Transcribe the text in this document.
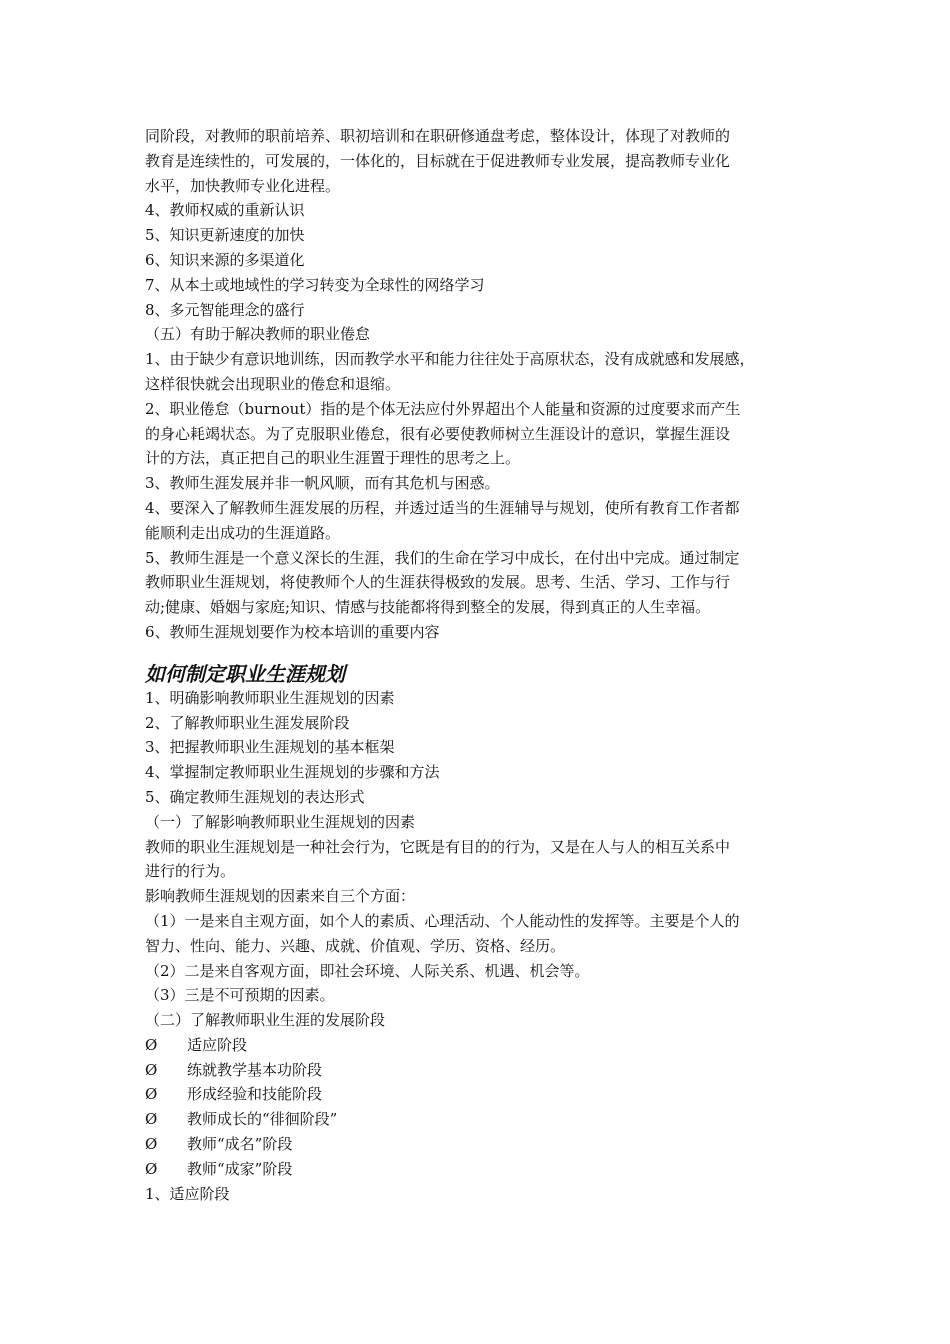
同阶段，对教师的职前培养、职初培训和在职研修通盘考虑，整体设计，体现了对教师的
教育是连续性的，可发展的，一体化的，目标就在于促进教师专业发展，提高教师专业化
水平，加快教师专业化进程。
4、教师权威的重新认识
5、知识更新速度的加快
6、知识来源的多渠道化
7、从本土或地域性的学习转变为全球性的网络学习
8、多元智能理念的盛行
（五）有助于解决教师的职业倦怠
1、由于缺少有意识地训练，因而教学水平和能力往往处于高原状态，没有成就感和发展感，
这样很快就会出现职业的倦怠和退缩。
2、职业倦怠（burnout）指的是个体无法应付外界超出个人能量和资源的过度要求而产生
的身心耗竭状态。为了克服职业倦怠，很有必要使教师树立生涯设计的意识，掌握生涯设
计的方法，真正把自己的职业生涯置于理性的思考之上。
3、教师生涯发展并非一帆风顺，而有其危机与困惑。
4、要深入了解教师生涯发展的历程，并透过适当的生涯辅导与规划，使所有教育工作者都
能顺利走出成功的生涯道路。
5、教师生涯是一个意义深长的生涯，我们的生命在学习中成长，在付出中完成。通过制定
教师职业生涯规划，将使教师个人的生涯获得极致的发展。思考、生活、学习、工作与行
动;健康、婚姻与家庭;知识、情感与技能都将得到整全的发展，得到真正的人生幸福。
6、教师生涯规划要作为校本培训的重要内容
如何制定职业生涯规划
1、明确影响教师职业生涯规划的因素
2、了解教师职业生涯发展阶段
3、把握教师职业生涯规划的基本框架
4、掌握制定教师职业生涯规划的步骤和方法
5、确定教师生涯规划的表达形式
（一）了解影响教师职业生涯规划的因素
教师的职业生涯规划是一种社会行为，它既是有目的的行为，又是在人与人的相互关系中
进行的行为。
影响教师生涯规划的因素来自三个方面：
（1）一是来自主观方面，如个人的素质、心理活动、个人能动性的发挥等。主要是个人的
智力、性向、能力、兴趣、成就、价值观、学历、资格、经历。
（2）二是来自客观方面，即社会环境、人际关系、机遇、机会等。
（3）三是不可预期的因素。
（二）了解教师职业生涯的发展阶段
Ø	适应阶段
Ø	练就教学基本功阶段
Ø	形成经验和技能阶段
Ø	教师成长的“徘徊阶段”
Ø	教师“成名”阶段
Ø	教师“成家”阶段
1、适应阶段
